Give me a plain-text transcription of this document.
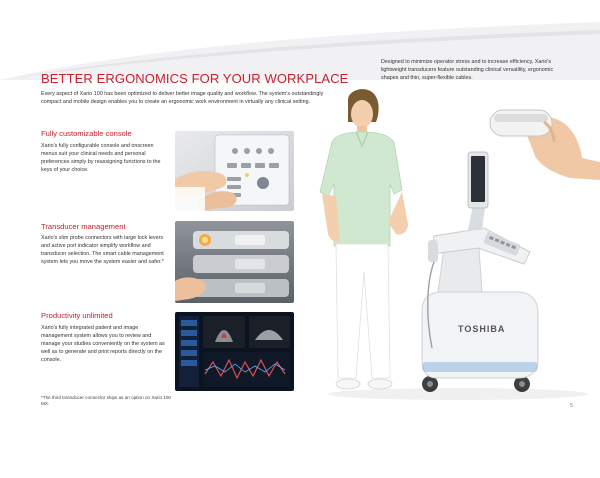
BETTER ERGONOMICS FOR YOUR WORKPLACE
Every aspect of Xario 100 has been optimized to deliver better image quality and workflow. The system's outstandingly compact and mobile design enables you to create an ergonomic work environment in virtually any clinical setting.
Fully customizable console
Xario's fully configurable console and onscreen menus suit your clinical needs and personal preferences simply by reassigning functions to the keys of your choice.
Transducer management
Xario's slim probe connectors with large lock levers and active port indicator simplify workflow and transducer selection. The smart cable management system lets you move the system easier and safer.*
Productivity unlimited
Xario's fully integrated patient and image management system allows you to review and manage your studies conveniently on the system as well as to generate and print reports directly on the console.
*The third transducer connector ships as an option on Xario 100 MX.	5
Designed to minimize operator stress and to increase efficiency, Xario's lightweight transducers feature outstanding clinical versatility, ergonomic shapes and thin, super-flexible cables.
TOSHIBA
